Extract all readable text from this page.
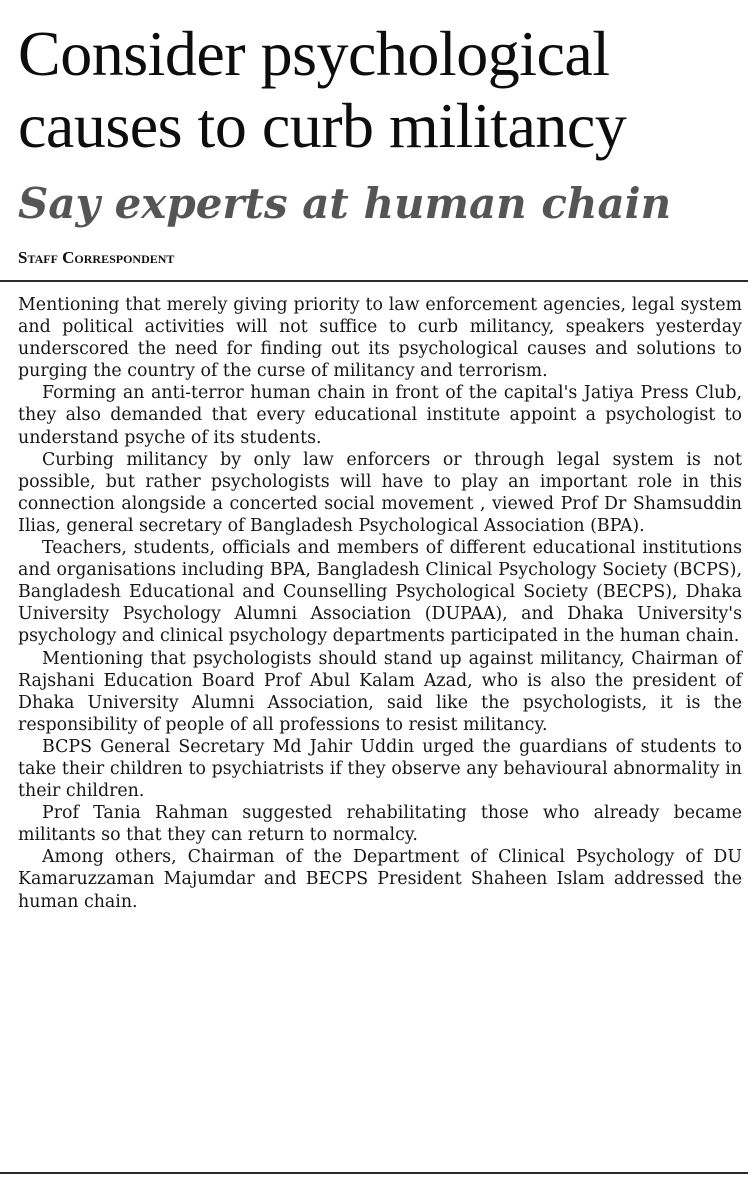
Consider psychological
causes to curb militancy
Say experts at human chain
Staff Correspondent

Mentioning that merely giving priority to law enforcement agencies, legal system and political activities will not suffice to curb militancy, speakers yesterday underscored the need for finding out its psychological causes and solutions to purging the country of the curse of militancy and terrorism.

Forming an anti-terror human chain in front of the capital's Jatiya Press Club, they also demanded that every educational institute appoint a psychologist to understand psyche of its students.

Curbing militancy by only law enforcers or through legal system is not possible, but rather psychologists will have to play an important role in this connection alongside a concerted social movement , viewed Prof Dr Shamsuddin Ilias, general secretary of Bangladesh Psychological Association (BPA).

Teachers, students, officials and members of different educational institutions and organisations including BPA, Bangladesh Clinical Psychology Society (BCPS), Bangladesh Educational and Counselling Psychological Society (BECPS), Dhaka University Psychology Alumni Association (DUPAA), and Dhaka University's psychology and clinical psychology departments participated in the human chain.

Mentioning that psychologists should stand up against militancy, Chairman of Rajshani Education Board Prof Abul Kalam Azad, who is also the president of Dhaka University Alumni Association, said like the psychologists, it is the responsibility of people of all professions to resist militancy.

BCPS General Secretary Md Jahir Uddin urged the guardians of students to take their children to psychiatrists if they observe any behavioural abnormality in their children.

Prof Tania Rahman suggested rehabilitating those who already became militants so that they can return to normalcy.

Among others, Chairman of the Department of Clinical Psychology of DU Kamaruzzaman Majumdar and BECPS President Shaheen Islam addressed the human chain.
